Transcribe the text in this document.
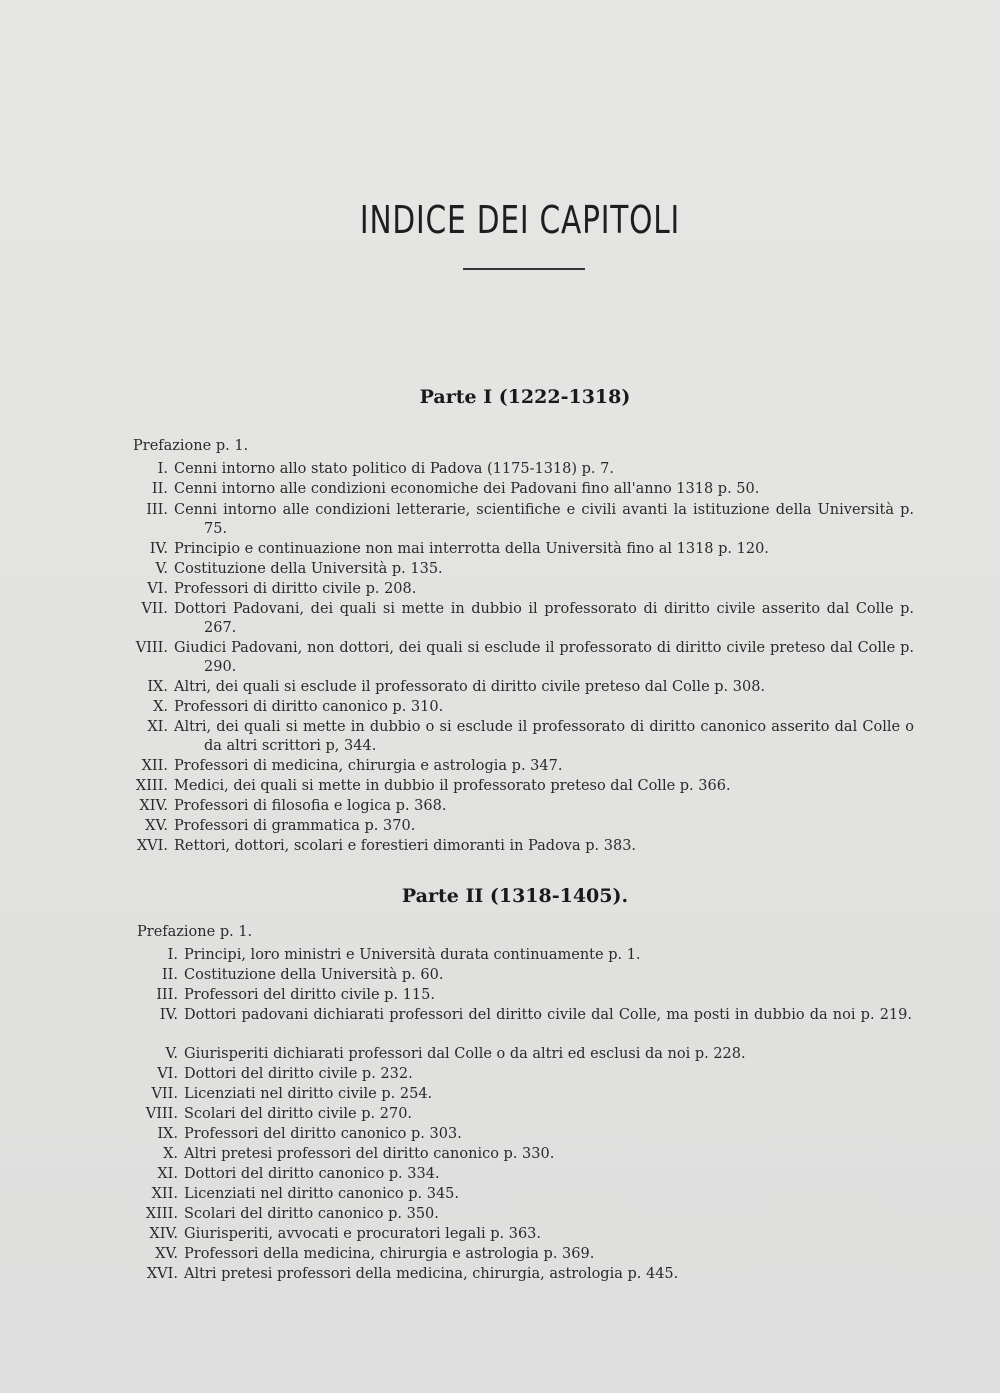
INDICE DEI CAPITOLI
Parte I (1222-1318)
Prefazione p. 1.
I. Cenni intorno allo stato politico di Padova (1175-1318) p. 7.
II. Cenni intorno alle condizioni economiche dei Padovani fino all'anno 1318 p. 50.
III. Cenni intorno alle condizioni letterarie, scientifiche e civili avanti la istituzione della Università p.
75.
IV. Principio e continuazione non mai interrotta della Università fino al 1318 p. 120.
V. Costituzione della Università p. 135.
VI. Professori di diritto civile p. 208.
VII. Dottori Padovani, dei quali si mette in dubbio il professorato di diritto civile asserito dal Colle p.
267.
VIII. Giudici Padovani, non dottori, dei quali si esclude il professorato di diritto civile preteso dal Colle p.
290.
IX. Altri, dei quali si esclude il professorato di diritto civile preteso dal Colle p. 308.
X. Professori di diritto canonico p. 310.
XI. Altri, dei quali si mette in dubbio o si esclude il professorato di diritto canonico asserito dal Colle o
da altri scrittori p, 344.
XII. Professori di medicina, chirurgia e astrologia p. 347.
XIII. Medici, dei quali si mette in dubbio il professorato preteso dal Colle p. 366.
XIV. Professori di filosofia e logica p. 368.
XV. Professori di grammatica p. 370.
XVI. Rettori, dottori, scolari e forestieri dimoranti in Padova p. 383.
Parte II (1318-1405).
Prefazione p. 1.
I. Principi, loro ministri e Università durata continuamente p. 1.
II. Costituzione della Università p. 60.
III. Professori del diritto civile p. 115.
IV. Dottori padovani dichiarati professori del diritto civile dal Colle, ma posti in dubbio da noi p. 219.
V. Giurisperiti dichiarati professori dal Colle o da altri ed esclusi da noi p. 228.
VI. Dottori del diritto civile p. 232.
VII. Licenziati nel diritto civile p. 254.
VIII. Scolari del diritto civile p. 270.
IX. Professori del diritto canonico p. 303.
X. Altri pretesi professori del diritto canonico p. 330.
XI. Dottori del diritto canonico p. 334.
XII. Licenziati nel diritto canonico p. 345.
XIII. Scolari del diritto canonico p. 350.
XIV. Giurisperiti, avvocati e procuratori legali p. 363.
XV. Professori della medicina, chirurgia e astrologia p. 369.
XVI. Altri pretesi professori della medicina, chirurgia, astrologia p. 445.
